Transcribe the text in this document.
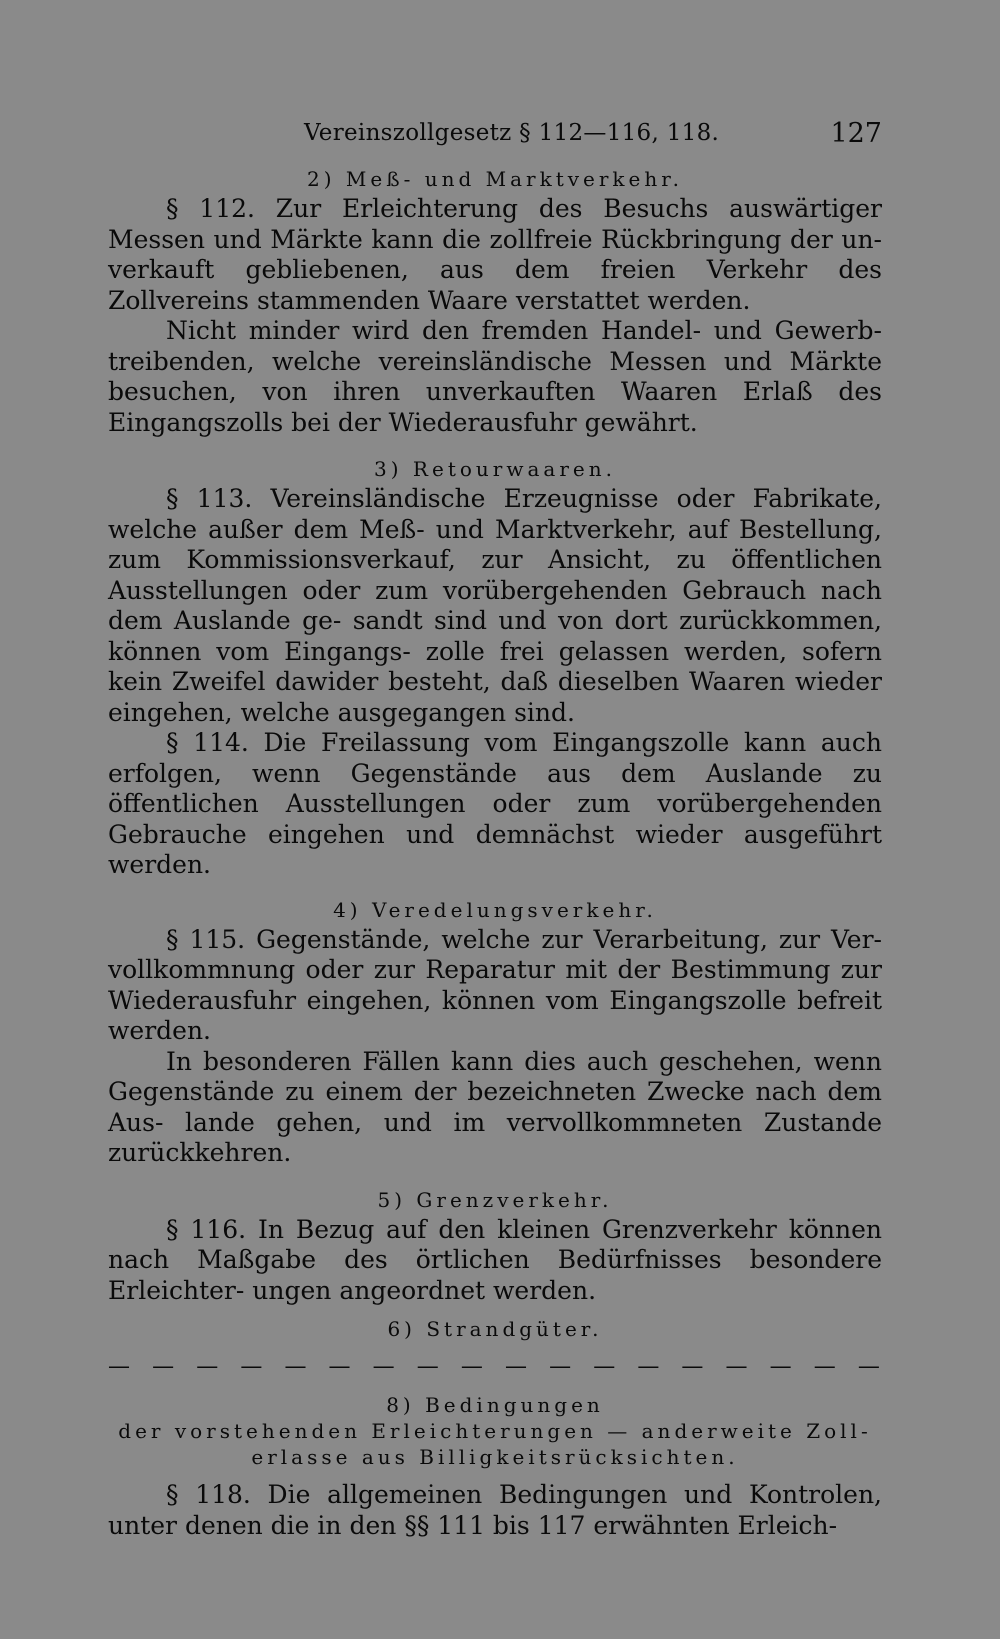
Vereinszollgesetz § 112—116, 118.	127
2) Meß- und Marktverkehr.

§ 112. Zur Erleichterung des Besuchs auswärtiger Messen und Märkte kann die zollfreie Rückbringung der un- verkauft gebliebenen, aus dem freien Verkehr des Zollvereins stammenden Waare verstattet werden.

Nicht minder wird den fremden Handel- und Gewerb- treibenden, welche vereinsländische Messen und Märkte besuchen, von ihren unverkauften Waaren Erlaß des Eingangszolls bei der Wiederausfuhr gewährt.

3) Retourwaaren.

§ 113. Vereinsländische Erzeugnisse oder Fabrikate, welche außer dem Meß- und Marktverkehr, auf Bestellung, zum Kommissionsverkauf, zur Ansicht, zu öffentlichen Ausstellungen oder zum vorübergehenden Gebrauch nach dem Auslande ge- sandt sind und von dort zurückkommen, können vom Eingangs- zolle frei gelassen werden, sofern kein Zweifel dawider besteht, daß dieselben Waaren wieder eingehen, welche ausgegangen sind.

§ 114. Die Freilassung vom Eingangszolle kann auch erfolgen, wenn Gegenstände aus dem Auslande zu öffentlichen Ausstellungen oder zum vorübergehenden Gebrauche eingehen und demnächst wieder ausgeführt werden.

4) Veredelungsverkehr.

§ 115. Gegenstände, welche zur Verarbeitung, zur Ver- vollkommnung oder zur Reparatur mit der Bestimmung zur Wiederausfuhr eingehen, können vom Eingangszolle befreit werden.

In besonderen Fällen kann dies auch geschehen, wenn Gegenstände zu einem der bezeichneten Zwecke nach dem Aus- lande gehen, und im vervollkommneten Zustande zurückkehren.

5) Grenzverkehr.

§ 116. In Bezug auf den kleinen Grenzverkehr können nach Maßgabe des örtlichen Bedürfnisses besondere Erleichter- ungen angeordnet werden.

6) Strandgüter.
— — — — — — — — — — — — — — — — — —
8) Bedingungen
der vorstehenden Erleichterungen — anderweite Zoll- erlasse aus Billigkeitsrücksichten.

§ 118. Die allgemeinen Bedingungen und Kontrolen, unter denen die in den §§ 111 bis 117 erwähnten Erleich-
